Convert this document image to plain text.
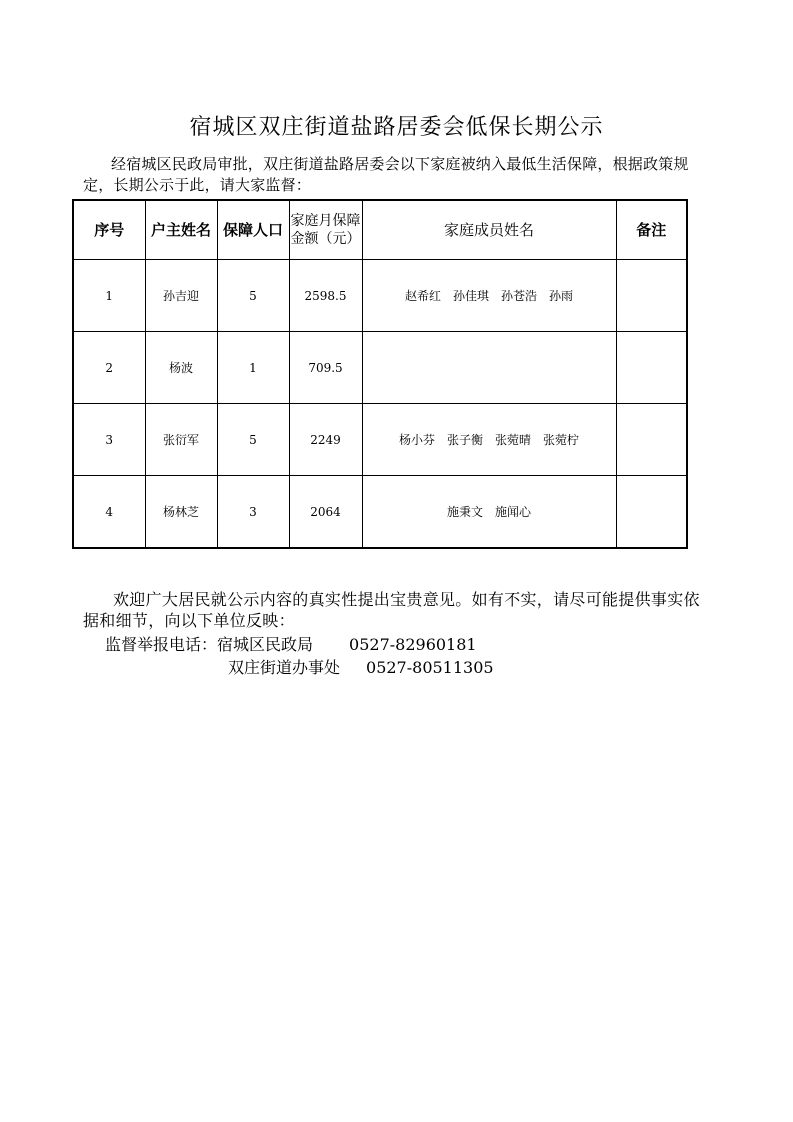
宿城区双庄街道盐路居委会低保长期公示
经宿城区民政局审批，双庄街道盐路居委会以下家庭被纳入最低生活保障，根据政策规定，长期公示于此，请大家监督：
序号	户主姓名	保障人口	家庭月保障金额（元）	家庭成员姓名	备注
1	孙吉迎	5	2598.5	赵希红 孙佳琪 孙苍浩 孙雨	
2	杨波	1	709.5		
3	张衍军	5	2249	杨小芬 张子衡 张菀晴 张菀柠	
4	杨林芝	3	2064	施秉文 施闻心	
欢迎广大居民就公示内容的真实性提出宝贵意见。如有不实，请尽可能提供事实依据和细节，向以下单位反映：
监督举报电话：宿城区民政局 0527-82960181
双庄街道办事处 0527-80511305
